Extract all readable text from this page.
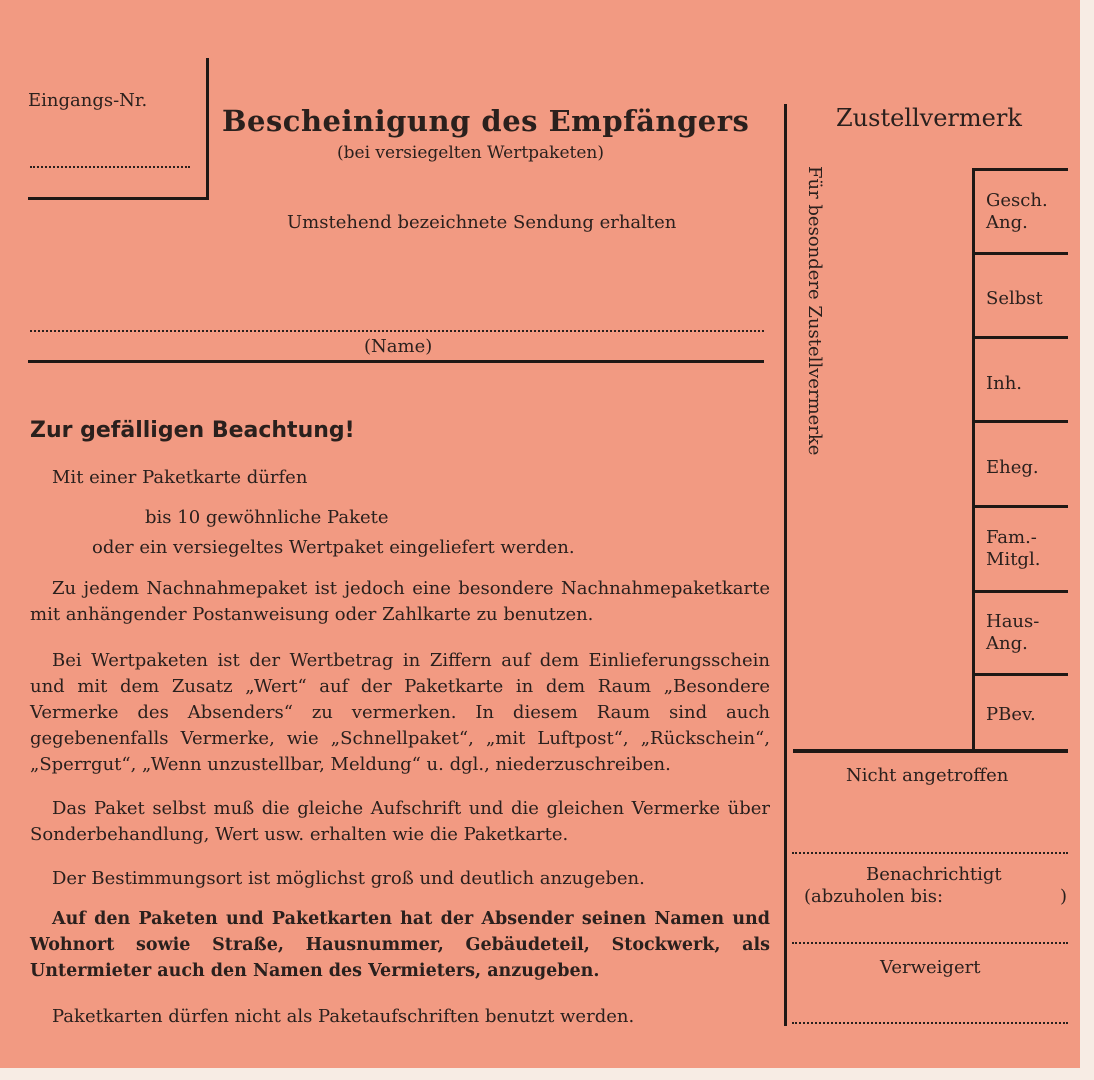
Eingangs-Nr.
Bescheinigung des Empfängers
(bei versiegelten Wertpaketen)
Umstehend bezeichnete Sendung erhalten
(Name)
Zur gefälligen Beachtung!
Mit einer Paketkarte dürfen
bis 10 gewöhnliche Pakete
oder ein versiegeltes Wertpaket eingeliefert werden.

Zu jedem Nachnahmepaket ist jedoch eine besondere Nachnahmepaketkarte mit anhängender Postanweisung oder Zahlkarte zu benutzen.

Bei Wertpaketen ist der Wertbetrag in Ziffern auf dem Einlieferungsschein und mit dem Zusatz „Wert“ auf der Paketkarte in dem Raum „Besondere Vermerke des Absenders“ zu vermerken. In diesem Raum sind auch gegebenenfalls Vermerke, wie „Schnellpaket“, „mit Luftpost“, „Rückschein“, „Sperrgut“, „Wenn unzustellbar, Meldung“ u. dgl., niederzuschreiben.

Das Paket selbst muß die gleiche Aufschrift und die gleichen Vermerke über Sonderbehandlung, Wert usw. erhalten wie die Paketkarte.

Der Bestimmungsort ist möglichst groß und deutlich anzugeben.

Auf den Paketen und Paketkarten hat der Absender seinen Namen und Wohnort sowie Straße, Hausnummer, Gebäudeteil, Stockwerk, als Untermieter auch den Namen des Vermieters, anzugeben.

Paketkarten dürfen nicht als Paketaufschriften benutzt werden.

Zustellvermerk
Für besondere Zustellvermerke	Gesch.
Ang.
Selbst
Inh.
Eheg.
Fam.-
Mitgl.
Haus-
Ang.
PBev.
Nicht angetroffen
Benachrichtigt
(abzuholen bis:	)
Verweigert
